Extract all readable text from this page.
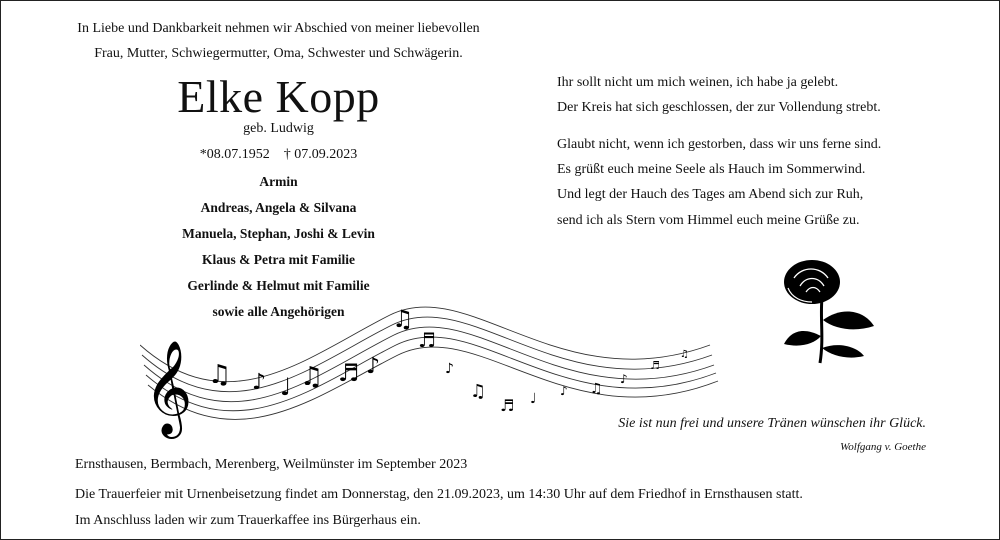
In Liebe und Dankbarkeit nehmen wir Abschied von meiner liebevollen
Frau, Mutter, Schwiegermutter, Oma, Schwester und Schwägerin.
Elke Kopp
geb. Ludwig
*08.07.1952    † 07.09.2023
Armin
Andreas, Angela & Silvana
Manuela, Stephan, Joshi & Levin
Klaus & Petra mit Familie
Gerlinde & Helmut mit Familie
sowie alle Angehörigen
Ihr sollt nicht um mich weinen, ich habe ja gelebt.
Der Kreis hat sich geschlossen, der zur Vollendung strebt.
Glaubt nicht, wenn ich gestorben, dass wir uns ferne sind.
Es grüßt euch meine Seele als Hauch im Sommerwind.
Und legt der Hauch des Tages am Abend sich zur Ruh,
send ich als Stern vom Himmel euch meine Grüße zu.
𝄞 ♫ ♪ ♩ ♫ ♬ ♪
♫
♬
♪
♫
♬ ♩ ♪ ♫
♪
♬
♫
Sie ist nun frei und unsere Tränen wünschen ihr Glück.
Wolfgang v. Goethe
Ernsthausen, Bermbach, Merenberg, Weilmünster im September 2023
Die Trauerfeier mit Urnenbeisetzung findet am Donnerstag, den 21.09.2023, um 14:30 Uhr auf dem Friedhof in Ernsthausen statt.
Im Anschluss laden wir zum Trauerkaffee ins Bürgerhaus ein.
